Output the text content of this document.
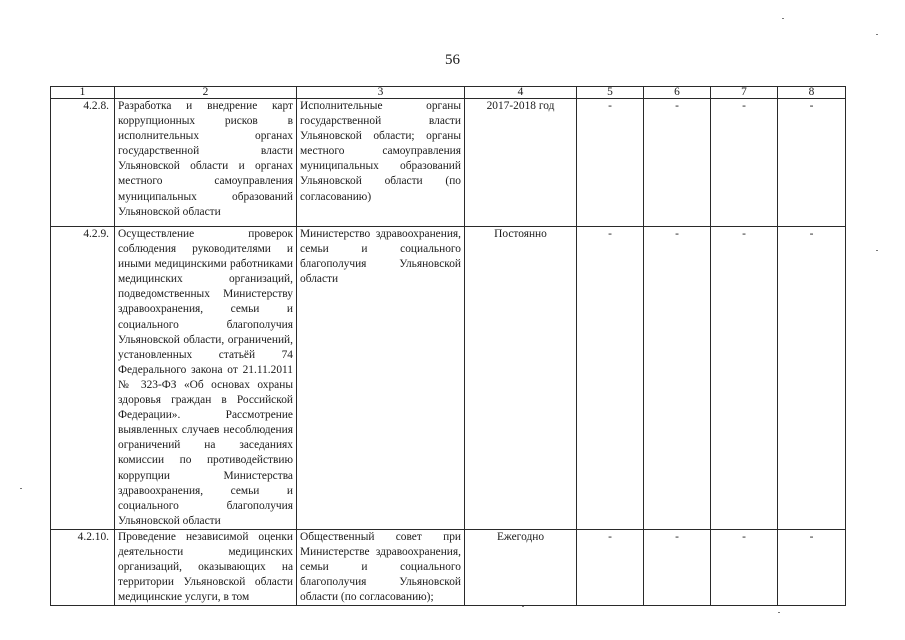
56
1	2	3	4	5	6	7	8
4.2.8.	Разработка и внедрение карт коррупционных рисков в исполнительных органах государственной власти Ульяновской области и органах местного самоуправления муниципальных образований Ульяновской области	Исполнительные органы государственной власти Ульяновской области; органы местного самоуправления муниципальных образований Ульяновской области (по согласованию)	2017-2018 год	-	-	-	-
4.2.9.	Осуществление проверок соблюдения руководителями и иными медицинскими работниками медицинских организаций, подведомственных Министерству здравоохранения, семьи и социального благополучия Ульяновской области, ограничений, установленных статьёй 74 Федерального закона от 21.11.2011 № 323-ФЗ «Об основах охраны здоровья граждан в Российской Федерации». Рассмотрение выявленных случаев несоблюдения ограничений на заседаниях комиссии по противодействию коррупции Министерства здравоохранения, семьи и социального благополучия Ульяновской области	Министерство здравоохранения, семьи и социального благополучия Ульяновской области	Постоянно	-	-	-	-
4.2.10.	Проведение независимой оценки деятельности медицинских организаций, оказывающих на территории Ульяновской области медицинские услуги, в том	Общественный совет при Министерстве здравоохранения, семьи и социального благополучия Ульяновской области (по согласованию);	Ежегодно	-	-	-	-
